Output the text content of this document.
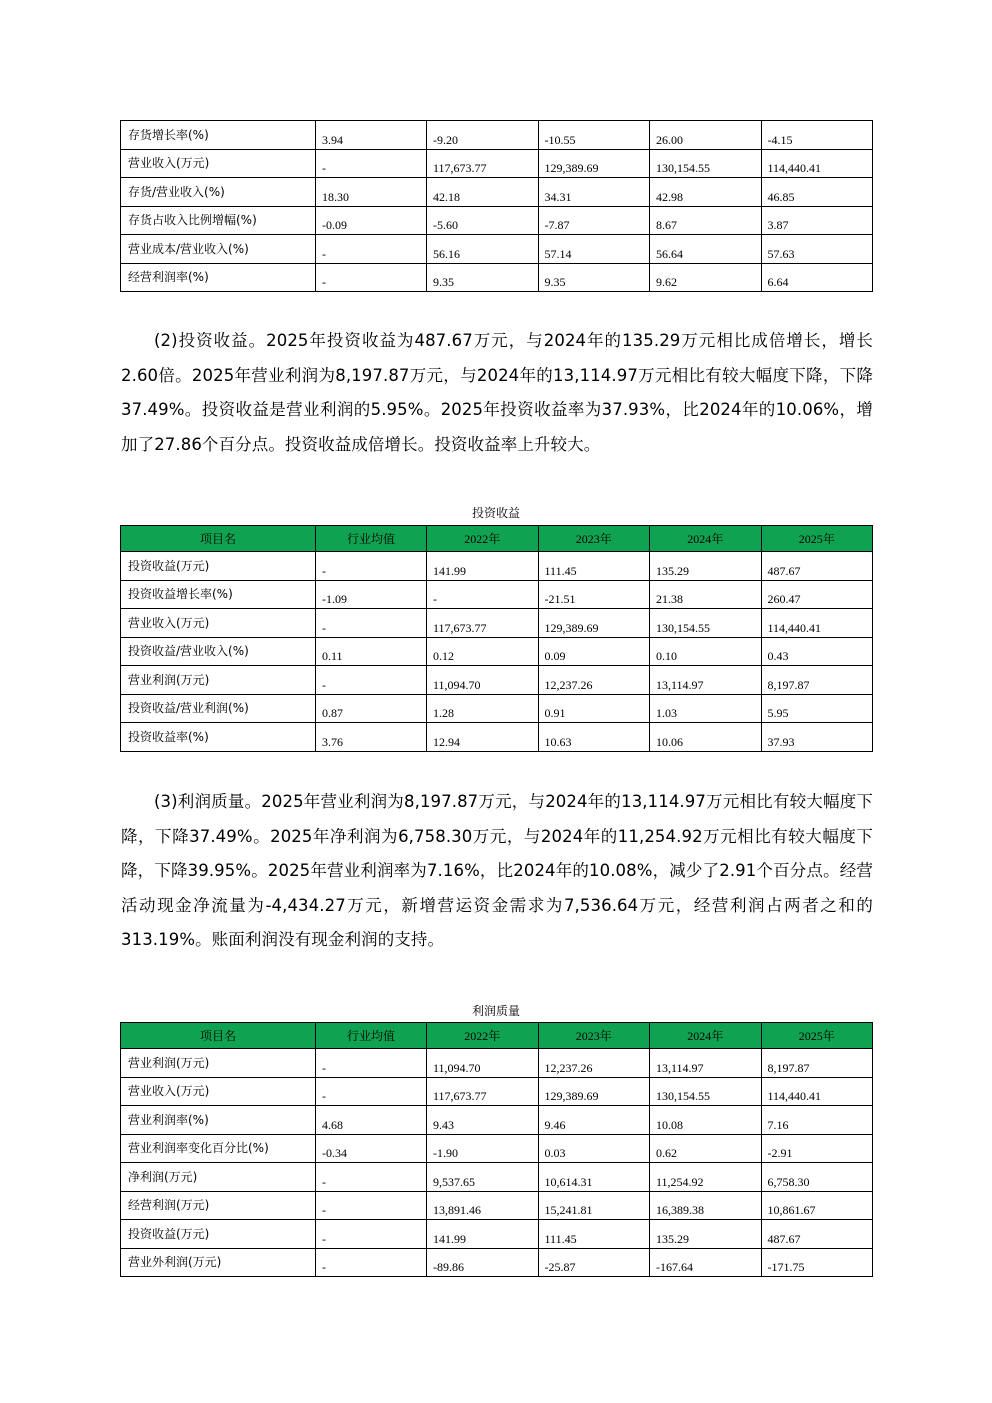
存货增长率(%)	3.94	-9.20	-10.55	26.00	-4.15
营业收入(万元)	-	117,673.77	129,389.69	130,154.55	114,440.41
存货/营业收入(%)	18.30	42.18	34.31	42.98	46.85
存货占收入比例增幅(%)	-0.09	-5.60	-7.87	8.67	3.87
营业成本/营业收入(%)	-	56.16	57.14	56.64	57.63
经营利润率(%)	-	9.35	9.35	9.62	6.64

(2)投资收益。2025年投资收益为487.67万元，与2024年的135.29万元相比成倍增长，增长2.60倍。2025年营业利润为8,197.87万元，与2024年的13,114.97万元相比有较大幅度下降，下降37.49%。投资收益是营业利润的5.95%。2025年投资收益率为37.93%，比2024年的10.06%，增加了27.86个百分点。投资收益成倍增长。投资收益率上升较大。

投资收益
项目名	行业均值	2022年	2023年	2024年	2025年
投资收益(万元)	-	141.99	111.45	135.29	487.67
投资收益增长率(%)	-1.09	-	-21.51	21.38	260.47
营业收入(万元)	-	117,673.77	129,389.69	130,154.55	114,440.41
投资收益/营业收入(%)	0.11	0.12	0.09	0.10	0.43
营业利润(万元)	-	11,094.70	12,237.26	13,114.97	8,197.87
投资收益/营业利润(%)	0.87	1.28	0.91	1.03	5.95
投资收益率(%)	3.76	12.94	10.63	10.06	37.93

(3)利润质量。2025年营业利润为8,197.87万元，与2024年的13,114.97万元相比有较大幅度下降，下降37.49%。2025年净利润为6,758.30万元，与2024年的11,254.92万元相比有较大幅度下降，下降39.95%。2025年营业利润率为7.16%，比2024年的10.08%，减少了2.91个百分点。经营活动现金净流量为-4,434.27万元，新增营运资金需求为7,536.64万元，经营利润占两者之和的313.19%。账面利润没有现金利润的支持。

利润质量
项目名	行业均值	2022年	2023年	2024年	2025年
营业利润(万元)	-	11,094.70	12,237.26	13,114.97	8,197.87
营业收入(万元)	-	117,673.77	129,389.69	130,154.55	114,440.41
营业利润率(%)	4.68	9.43	9.46	10.08	7.16
营业利润率变化百分比(%)	-0.34	-1.90	0.03	0.62	-2.91
净利润(万元)	-	9,537.65	10,614.31	11,254.92	6,758.30
经营利润(万元)	-	13,891.46	15,241.81	16,389.38	10,861.67
投资收益(万元)	-	141.99	111.45	135.29	487.67
营业外利润(万元)	-	-89.86	-25.87	-167.64	-171.75
